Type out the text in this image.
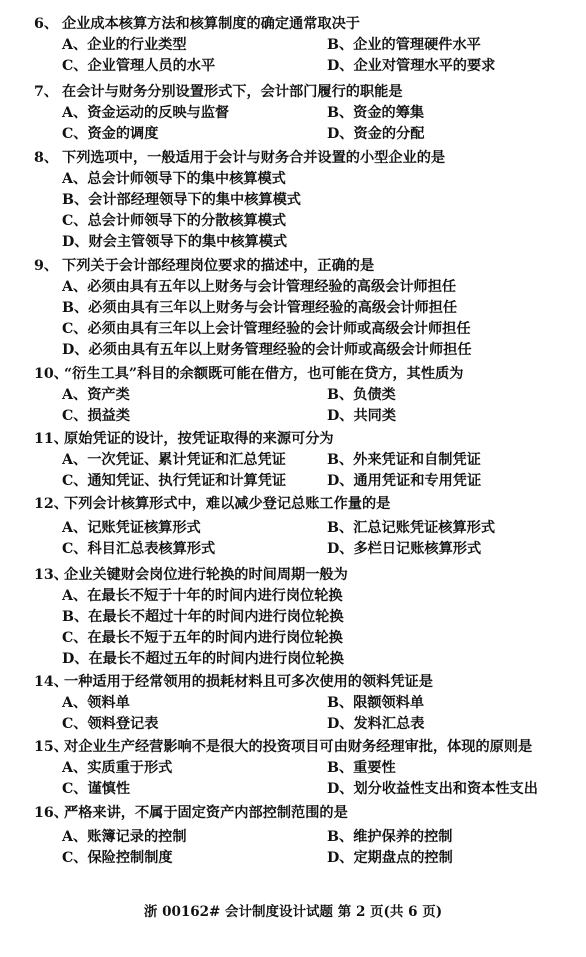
6、 企业成本核算方法和核算制度的确定通常取决于
A、企业的行业类型	B、企业的管理硬件水平
C、企业管理人员的水平	D、企业对管理水平的要求
7、 在会计与财务分别设置形式下，会计部门履行的职能是
A、资金运动的反映与监督	B、资金的筹集
C、资金的调度	D、资金的分配
8、 下列选项中，一般适用于会计与财务合并设置的小型企业的是
A、总会计师领导下的集中核算模式
B、会计部经理领导下的集中核算模式
C、总会计师领导下的分散核算模式
D、财会主管领导下的集中核算模式
9、 下列关于会计部经理岗位要求的描述中，正确的是
A、必须由具有五年以上财务与会计管理经验的高级会计师担任
B、必须由具有三年以上财务与会计管理经验的高级会计师担任
C、必须由具有三年以上会计管理经验的会计师或高级会计师担任
D、必须由具有五年以上财务管理经验的会计师或高级会计师担任
10、
“衍生工具”科目的余额既可能在借方，也可能在贷方，其性质为
A、资产类	B、负债类
C、损益类	D、共同类
11、
原始凭证的设计，按凭证取得的来源可分为
A、一次凭证、累计凭证和汇总凭证	B、外来凭证和自制凭证
C、通知凭证、执行凭证和计算凭证	D、通用凭证和专用凭证
12、
下列会计核算形式中，难以减少登记总账工作量的是
A、记账凭证核算形式	B、汇总记账凭证核算形式
C、科目汇总表核算形式	D、多栏日记账核算形式
13、
企业关键财会岗位进行轮换的时间周期一般为
A、在最长不短于十年的时间内进行岗位轮换
B、在最长不超过十年的时间内进行岗位轮换
C、在最长不短于五年的时间内进行岗位轮换
D、在最长不超过五年的时间内进行岗位轮换
14、
一种适用于经常领用的损耗材料且可多次使用的领料凭证是
A、领料单	B、限额领料单
C、领料登记表	D、发料汇总表
15、
对企业生产经营影响不是很大的投资项目可由财务经理审批，体现的原则是
A、实质重于形式	B、重要性
C、谨慎性	D、划分收益性支出和资本性支出
16、
严格来讲，不属于固定资产内部控制范围的是
A、账簿记录的控制	B、维护保养的控制
C、保险控制制度	D、定期盘点的控制
浙 00162# 会计制度设计试题 第 2 页(共 6 页)
